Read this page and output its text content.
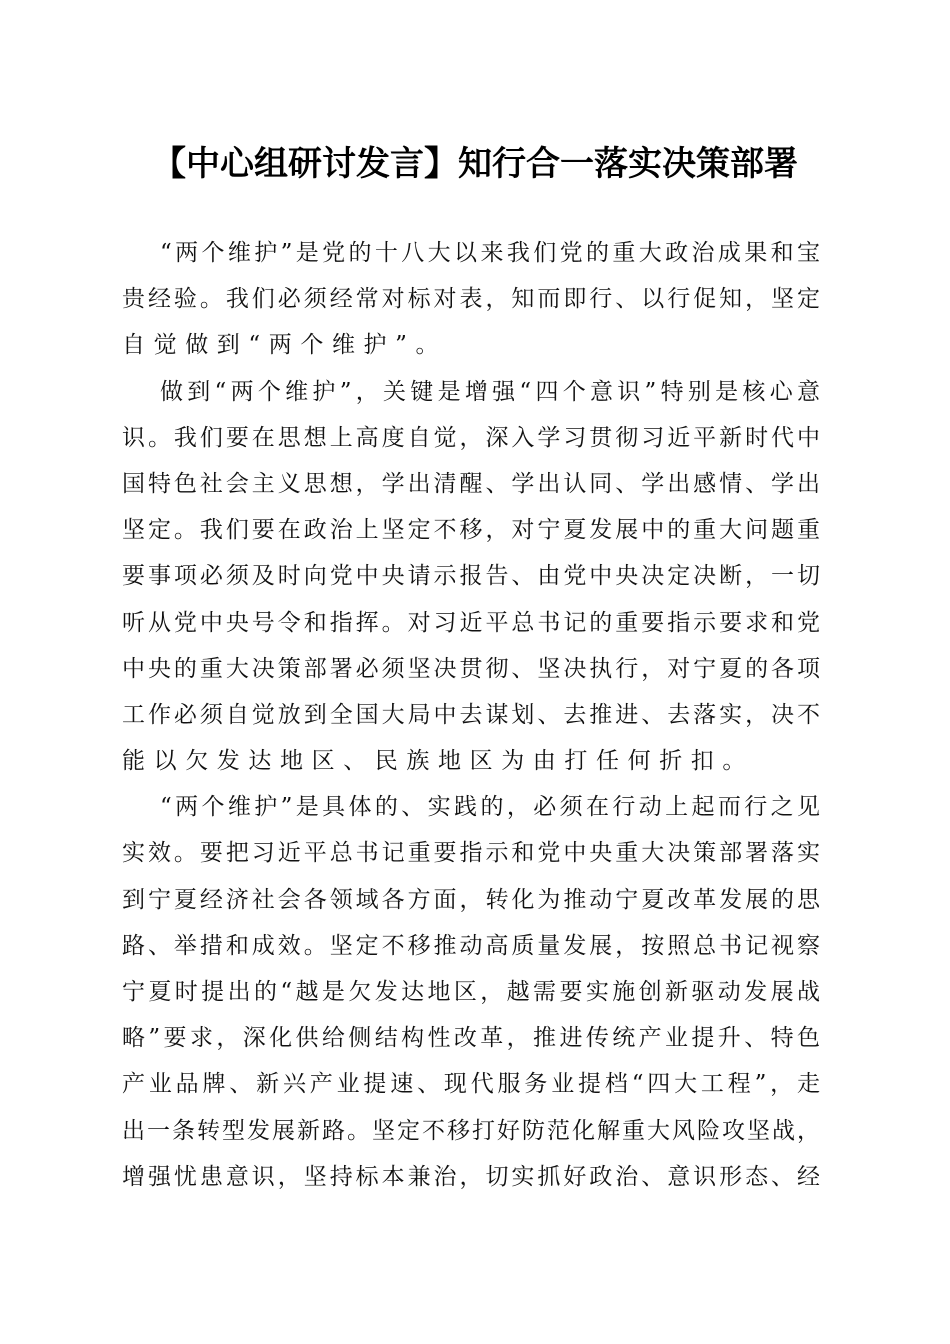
【中心组研讨发言】知行合一落实决策部署
“两个维护”是党的十八大以来我们党的重大政治成果和宝
贵经验。我们必须经常对标对表，知而即行、以行促知，坚定
自觉做到“两个维护”。
做到“两个维护”，关键是增强“四个意识”特别是核心意
识。我们要在思想上高度自觉，深入学习贯彻习近平新时代中
国特色社会主义思想，学出清醒、学出认同、学出感情、学出
坚定。我们要在政治上坚定不移，对宁夏发展中的重大问题重
要事项必须及时向党中央请示报告、由党中央决定决断，一切
听从党中央号令和指挥。对习近平总书记的重要指示要求和党
中央的重大决策部署必须坚决贯彻、坚决执行，对宁夏的各项
工作必须自觉放到全国大局中去谋划、去推进、去落实，决不
能以欠发达地区、民族地区为由打任何折扣。
“两个维护”是具体的、实践的，必须在行动上起而行之见
实效。要把习近平总书记重要指示和党中央重大决策部署落实
到宁夏经济社会各领域各方面，转化为推动宁夏改革发展的思
路、举措和成效。坚定不移推动高质量发展，按照总书记视察
宁夏时提出的“越是欠发达地区，越需要实施创新驱动发展战
略”要求，深化供给侧结构性改革，推进传统产业提升、特色
产业品牌、新兴产业提速、现代服务业提档“四大工程”，走
出一条转型发展新路。坚定不移打好防范化解重大风险攻坚战，
增强忧患意识，坚持标本兼治，切实抓好政治、意识形态、经
